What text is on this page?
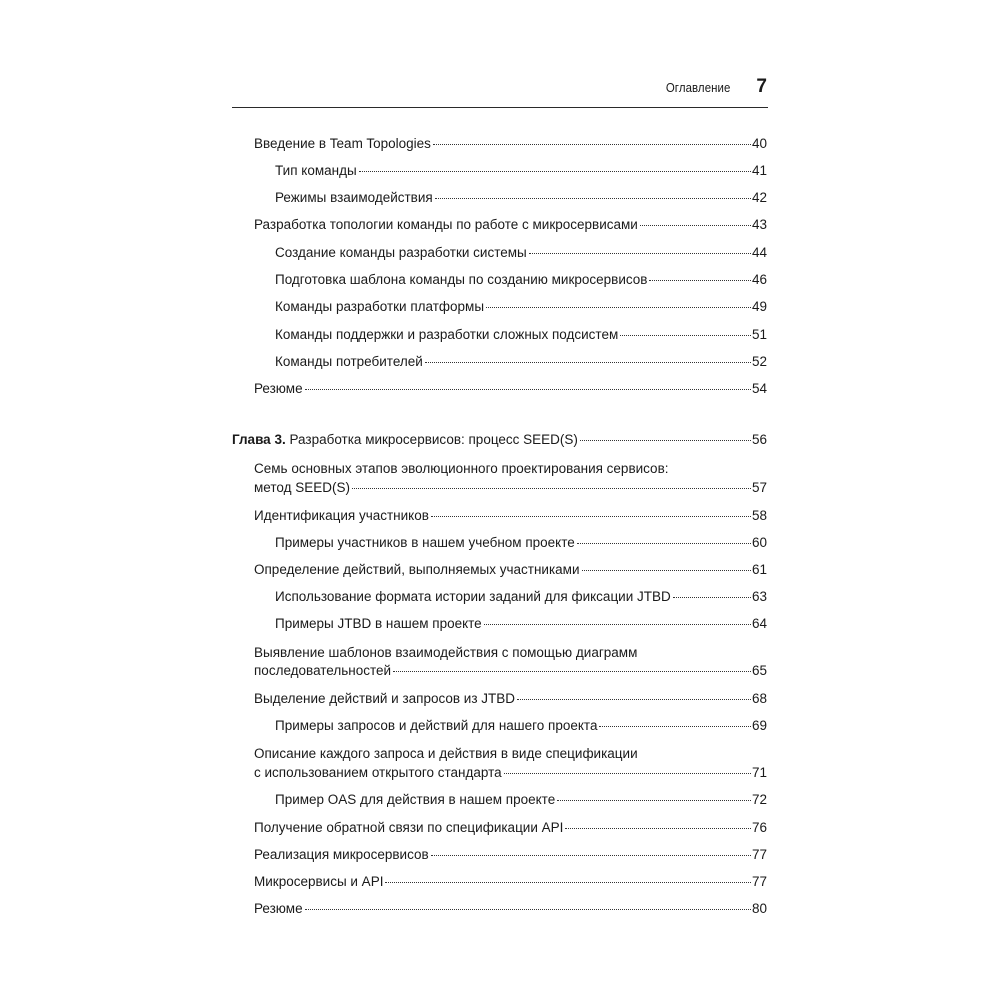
Оглавление 7
Введение в Team Topologies	40
Тип команды	41
Режимы взаимодействия	42
Разработка топологии команды по работе с микросервисами	43
Создание команды разработки системы	44
Подготовка шаблона команды по созданию микросервисов	46
Команды разработки платформы	49
Команды поддержки и разработки сложных подсистем	51
Команды потребителей	52
Резюме	54
Глава 3. Разработка микросервисов: процесс SEED(S)	56
Семь основных этапов эволюционного проектирования сервисов:
метод SEED(S)	57
Идентификация участников	58
Примеры участников в нашем учебном проекте	60
Определение действий, выполняемых участниками	61
Использование формата истории заданий для фиксации JTBD	63
Примеры JTBD в нашем проекте	64
Выявление шаблонов взаимодействия с помощью диаграмм
последовательностей	65
Выделение действий и запросов из JTBD	68
Примеры запросов и действий для нашего проекта	69
Описание каждого запроса и действия в виде спецификации
с использованием открытого стандарта	71
Пример OAS для действия в нашем проекте	72
Получение обратной связи по спецификации API	76
Реализация микросервисов	77
Микросервисы и API	77
Резюме	80
